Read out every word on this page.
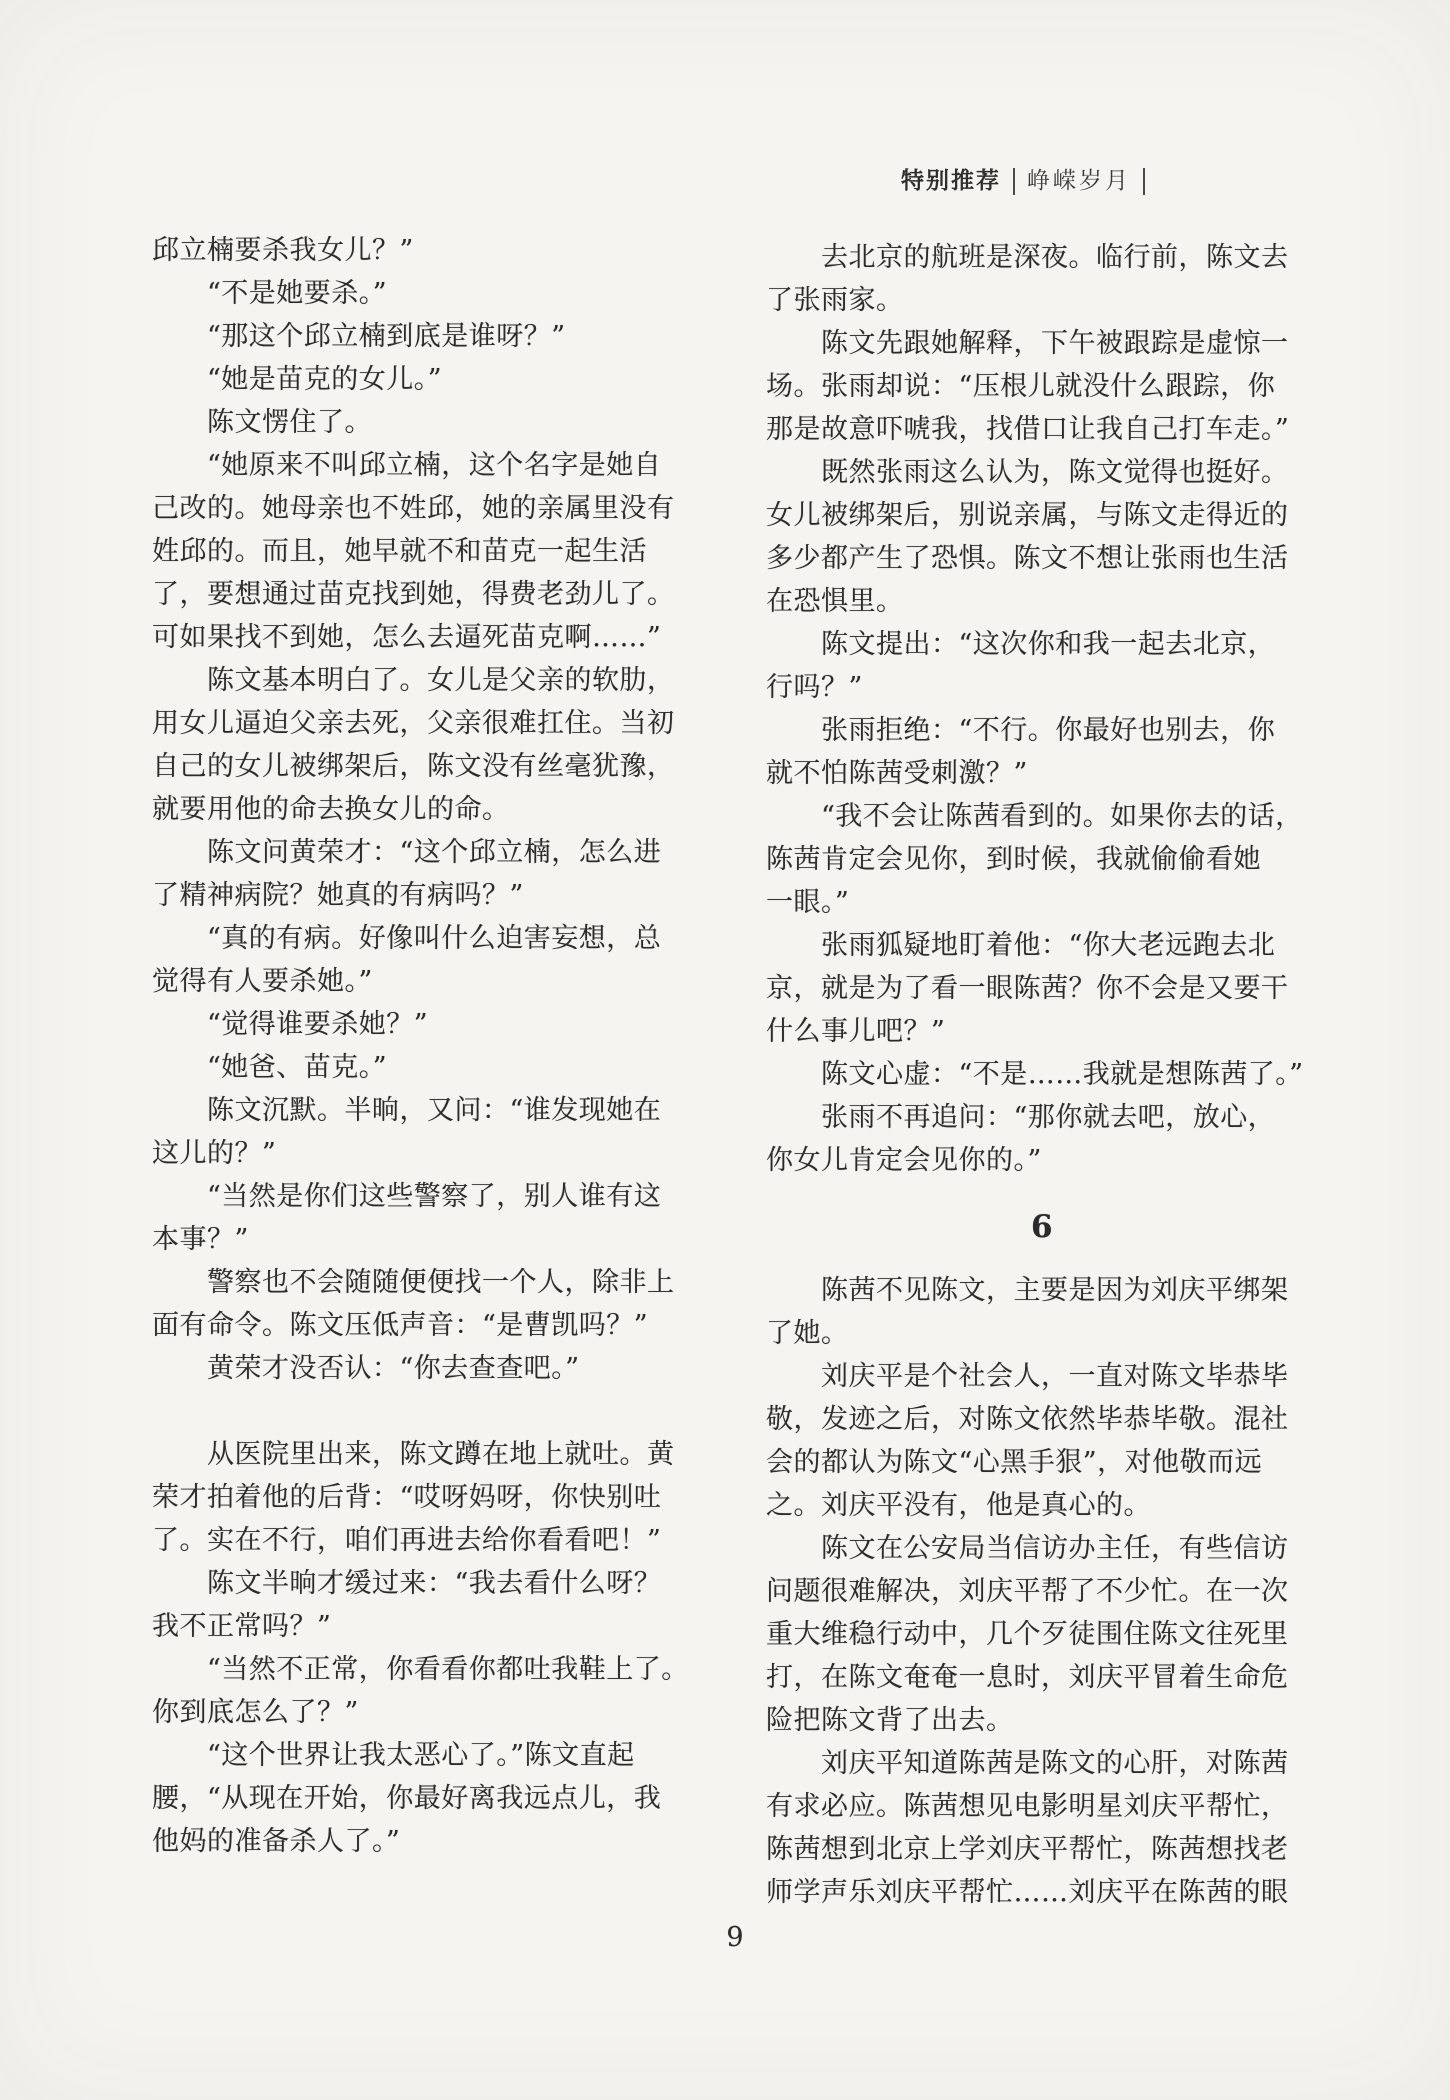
特别推荐 峥嵘岁月
邱立楠要杀我女儿？”
“不是她要杀。”
“那这个邱立楠到底是谁呀？”
“她是苗克的女儿。”
陈文愣住了。
“她原来不叫邱立楠，这个名字是她自
己改的。她母亲也不姓邱，她的亲属里没有
姓邱的。而且，她早就不和苗克一起生活
了，要想通过苗克找到她，得费老劲儿了。
可如果找不到她，怎么去逼死苗克啊……”
陈文基本明白了。女儿是父亲的软肋，
用女儿逼迫父亲去死，父亲很难扛住。当初
自己的女儿被绑架后，陈文没有丝毫犹豫，
就要用他的命去换女儿的命。
陈文问黄荣才：“这个邱立楠，怎么进
了精神病院？她真的有病吗？”
“真的有病。好像叫什么迫害妄想，总
觉得有人要杀她。”
“觉得谁要杀她？”
“她爸、苗克。”
陈文沉默。半晌，又问：“谁发现她在
这儿的？”
“当然是你们这些警察了，别人谁有这
本事？”
警察也不会随随便便找一个人，除非上
面有命令。陈文压低声音：“是曹凯吗？”
黄荣才没否认：“你去查查吧。”
从医院里出来，陈文蹲在地上就吐。黄
荣才拍着他的后背：“哎呀妈呀，你快别吐
了。实在不行，咱们再进去给你看看吧！”
陈文半晌才缓过来：“我去看什么呀？
我不正常吗？”
“当然不正常，你看看你都吐我鞋上了。
你到底怎么了？”
“这个世界让我太恶心了。”陈文直起
腰，“从现在开始，你最好离我远点儿，我
他妈的准备杀人了。”
去北京的航班是深夜。临行前，陈文去
了张雨家。
陈文先跟她解释，下午被跟踪是虚惊一
场。张雨却说：“压根儿就没什么跟踪，你
那是故意吓唬我，找借口让我自己打车走。”
既然张雨这么认为，陈文觉得也挺好。
女儿被绑架后，别说亲属，与陈文走得近的
多少都产生了恐惧。陈文不想让张雨也生活
在恐惧里。
陈文提出：“这次你和我一起去北京，
行吗？”
张雨拒绝：“不行。你最好也别去，你
就不怕陈茜受刺激？”
“我不会让陈茜看到的。如果你去的话，
陈茜肯定会见你，到时候，我就偷偷看她
一眼。”
张雨狐疑地盯着他：“你大老远跑去北
京，就是为了看一眼陈茜？你不会是又要干
什么事儿吧？”
陈文心虚：“不是……我就是想陈茜了。”
张雨不再追问：“那你就去吧，放心，
你女儿肯定会见你的。”
6
陈茜不见陈文，主要是因为刘庆平绑架
了她。
刘庆平是个社会人，一直对陈文毕恭毕
敬，发迹之后，对陈文依然毕恭毕敬。混社
会的都认为陈文“心黑手狠”，对他敬而远
之。刘庆平没有，他是真心的。
陈文在公安局当信访办主任，有些信访
问题很难解决，刘庆平帮了不少忙。在一次
重大维稳行动中，几个歹徒围住陈文往死里
打，在陈文奄奄一息时，刘庆平冒着生命危
险把陈文背了出去。
刘庆平知道陈茜是陈文的心肝，对陈茜
有求必应。陈茜想见电影明星刘庆平帮忙，
陈茜想到北京上学刘庆平帮忙，陈茜想找老
师学声乐刘庆平帮忙……刘庆平在陈茜的眼
9
